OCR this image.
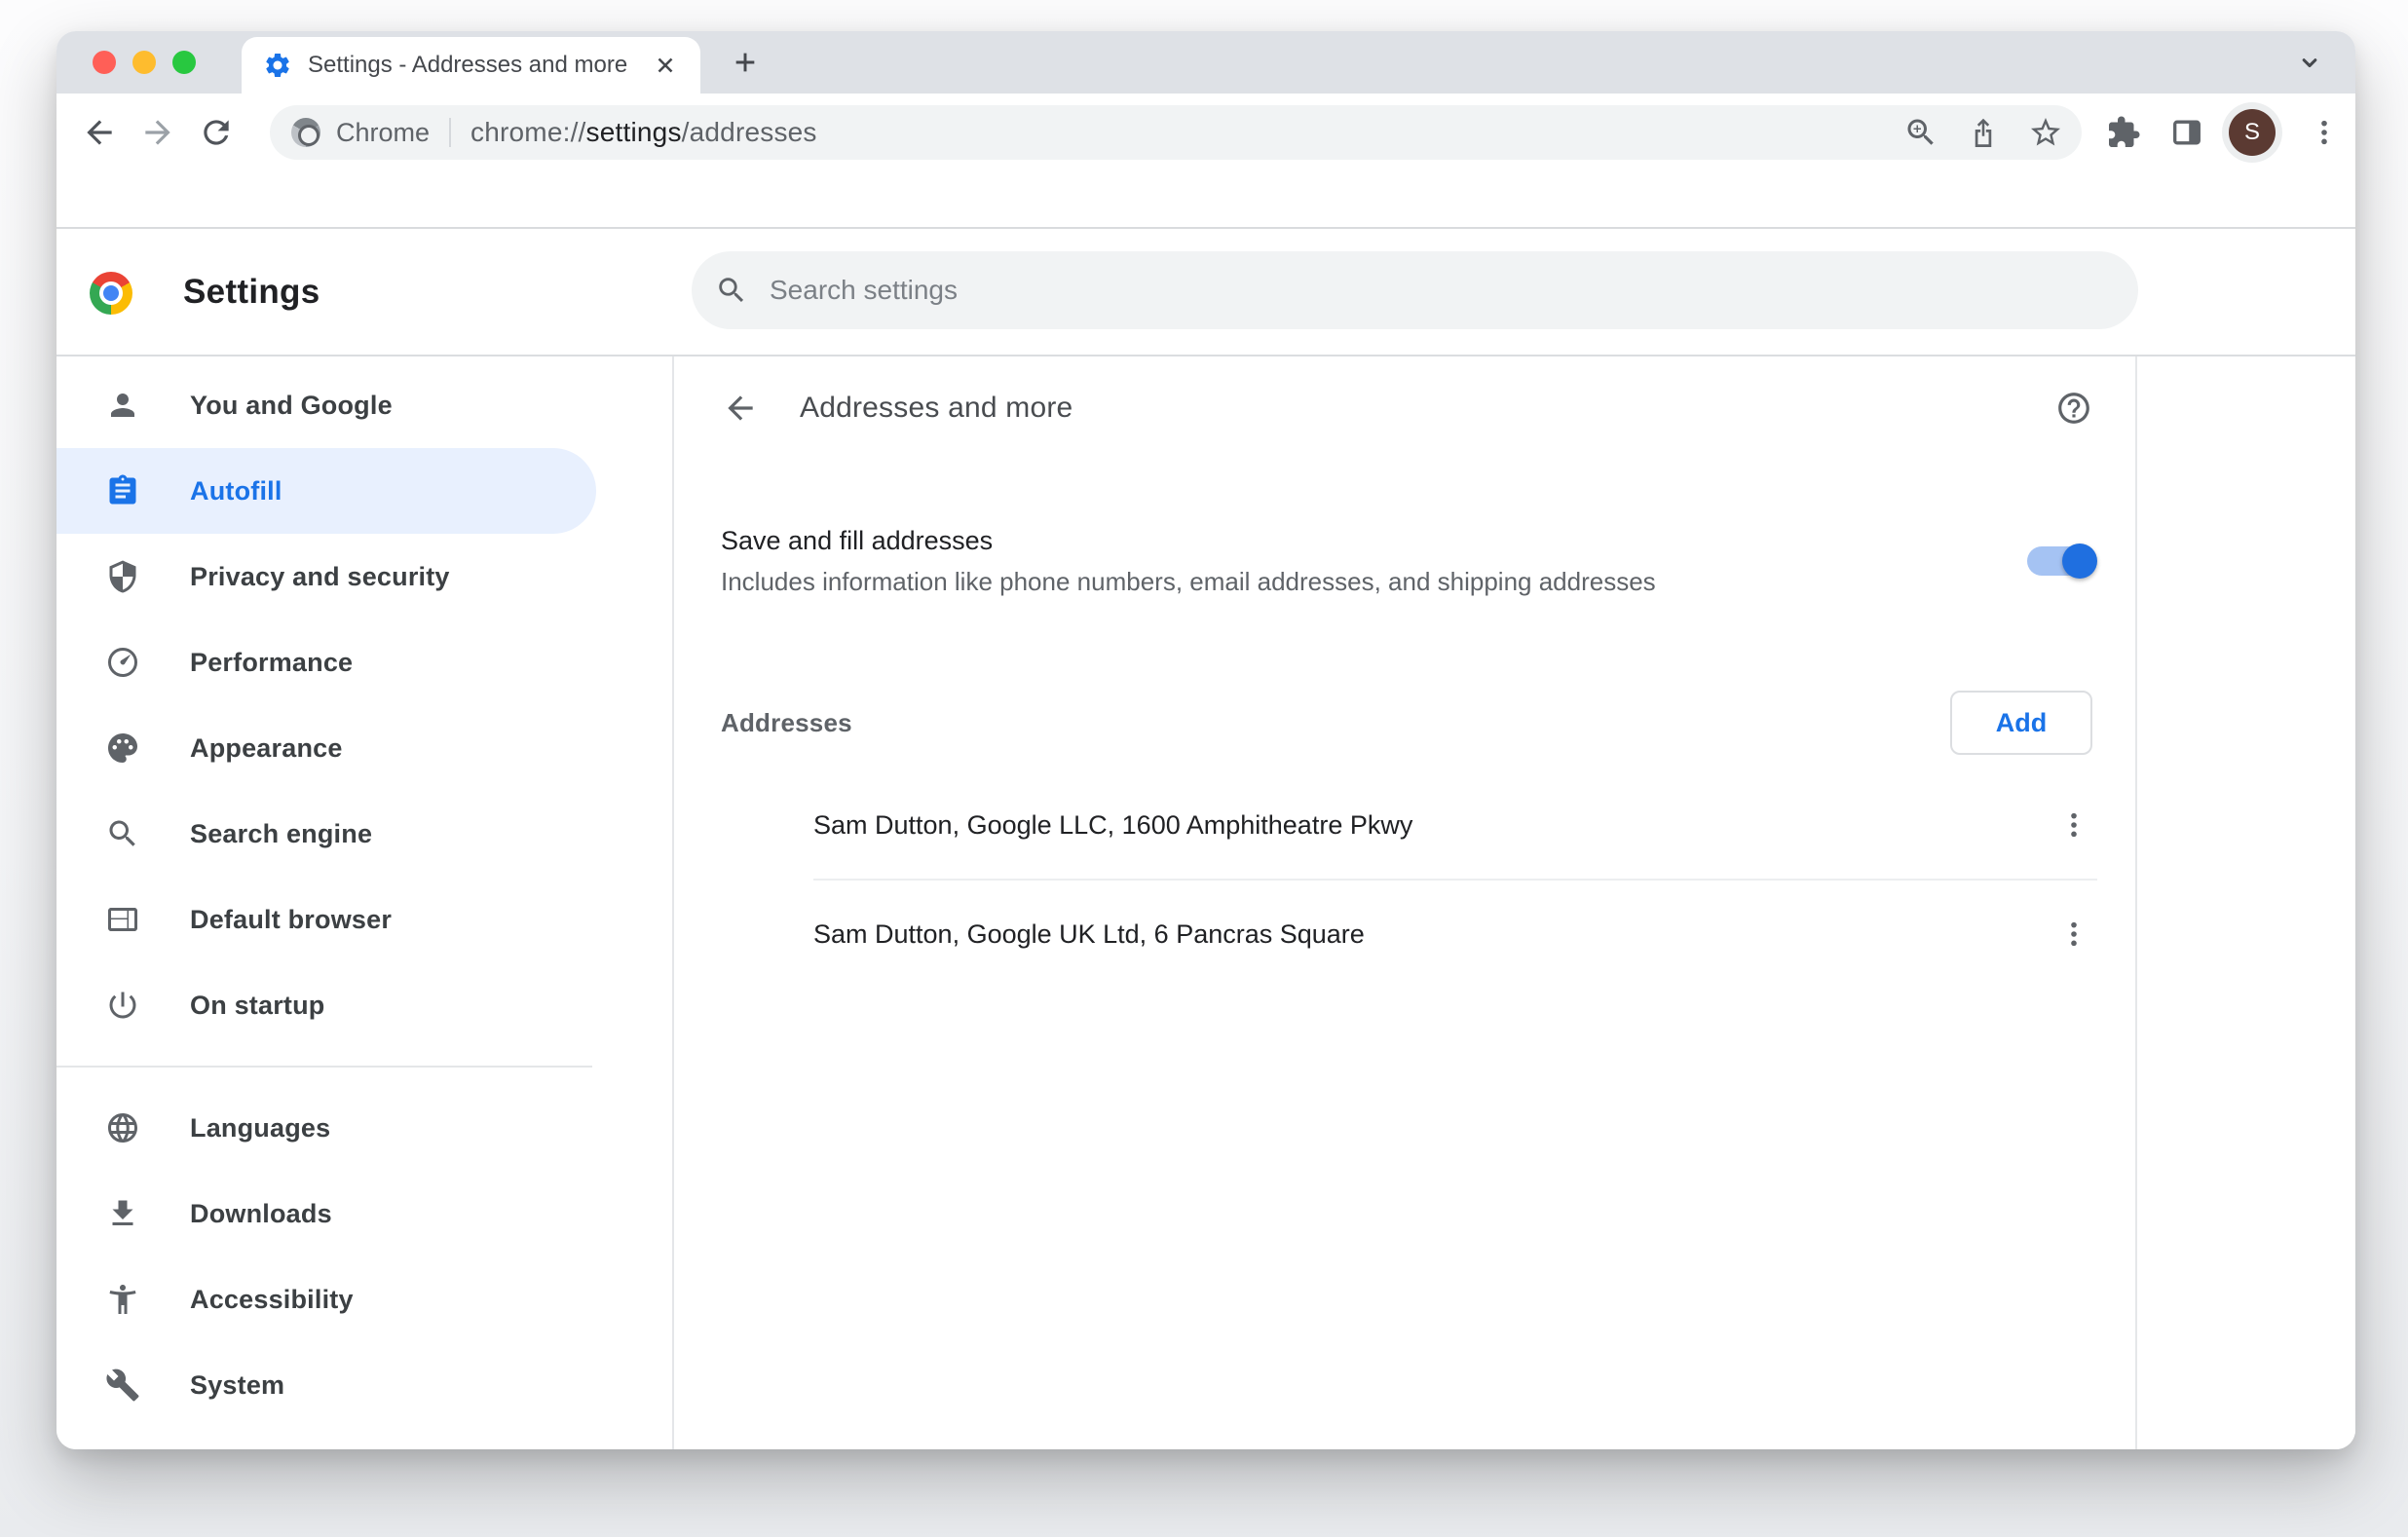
Settings - Addresses and more
Chrome chrome://settings/addresses	S
Settings
Search settings
You and Google
Autofill
Privacy and security
Performance
Appearance
Search engine
Default browser
On startup
Languages
Downloads
Accessibility
System
Addresses and more
Save and fill addresses
Includes information like phone numbers, email addresses, and shipping addresses
Addresses	Add
Sam Dutton, Google LLC, 1600 Amphitheatre Pkwy
Sam Dutton, Google UK Ltd, 6 Pancras Square
